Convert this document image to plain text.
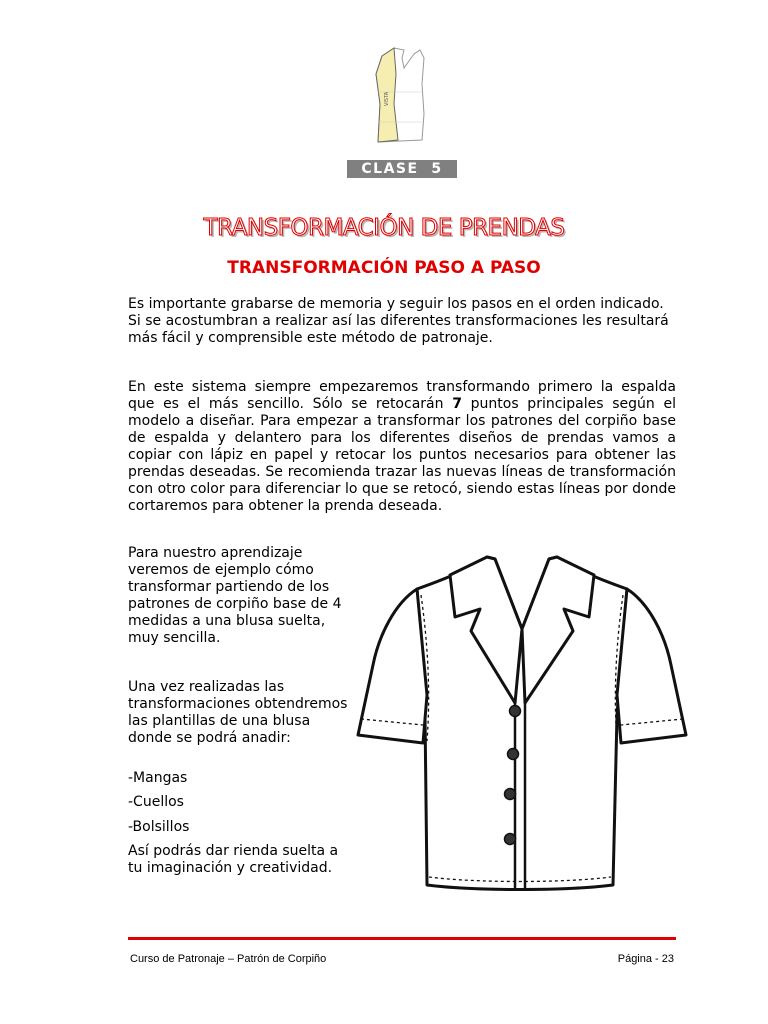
VISTA
CLASE  5
TRANSFORMACIÓN DE PRENDAS
TRANSFORMACIÓN PASO A PASO
Es importante grabarse de memoria y seguir los pasos en el orden indicado. Si se acostumbran a realizar así las diferentes transformaciones les resultará más fácil y comprensible este método de patronaje.
En este sistema siempre empezaremos transformando primero la espalda que es el más sencillo. Sólo se retocarán 7 puntos principales según el modelo a diseñar. Para empezar a transformar los patrones del corpiño base de espalda y delantero para los diferentes diseños de prendas vamos a copiar con lápiz en papel y retocar los puntos necesarios para obtener las prendas deseadas. Se recomienda trazar las nuevas líneas de transformación con otro color para diferenciar lo que se retocó, siendo estas líneas por donde cortaremos para obtener la prenda deseada.
Para nuestro aprendizaje veremos de ejemplo cómo transformar partiendo de los patrones de corpiño base de 4 medidas a una blusa suelta, muy sencilla.
Una vez realizadas las transformaciones obtendremos las plantillas de una blusa donde se podrá anadir:
-Mangas
-Cuellos
-Bolsillos
Así podrás dar rienda suelta a tu imaginación y creatividad.
Curso de Patronaje – Patrón de Corpiño	Página - 23
